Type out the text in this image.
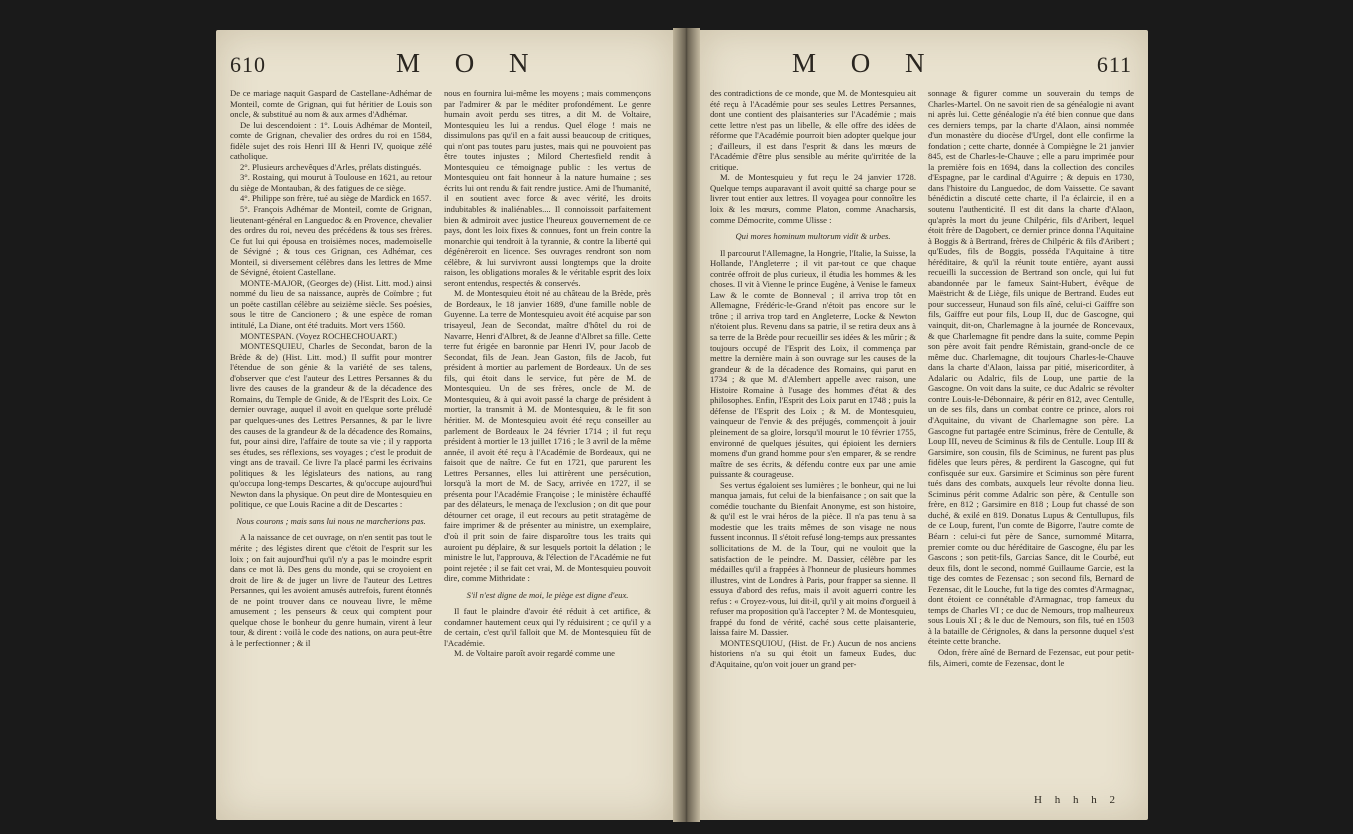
610	M O N

De ce mariage naquit Gaspard de Castellane-Adhémar de Monteil, comte de Grignan, qui fut héritier de Louis son oncle, & substitué au nom & aux armes d'Adhémar.

De lui descendoient : 1°. Louis Adhémar de Monteil, comte de Grignan, chevalier des ordres du roi en 1584, fidèle sujet des rois Henri III & Henri IV, quoique zélé catholique.

2°. Plusieurs archevêques d'Arles, prélats distingués.

3°. Rostaing, qui mourut à Toulouse en 1621, au retour du siège de Montauban, & des fatigues de ce siège.

4°. Philippe son frère, tué au siège de Mardick en 1657.

5°. François Adhémar de Monteil, comte de Grignan, lieutenant-général en Languedoc & en Provence, chevalier des ordres du roi, neveu des précédens & tous ses frères. Ce fut lui qui épousa en troisièmes noces, mademoiselle de Sévigné ; & tous ces Grignan, ces Adhémar, ces Monteil, si diversement célèbres dans les lettres de Mme de Sévigné, étoient Castellane.

MONTE-MAJOR, (Georges de) (Hist. Litt. mod.) ainsi nommé du lieu de sa naissance, auprès de Coïmbre ; fut un poëte castillan célèbre au seizième siècle. Ses poésies, sous le titre de Cancionero ; & une espèce de roman intitulé, La Diane, ont été traduits. Mort vers 1560.

MONTESPAN. (Voyez ROCHECHOUART.)

MONTESQUIEU, Charles de Secondat, baron de la Brède & de) (Hist. Litt. mod.) Il suffit pour montrer l'étendue de son génie & la variété de ses talens, d'observer que c'est l'auteur des Lettres Persannes & du livre des causes de la grandeur & de la décadence des Romains, du Temple de Gnide, & de l'Esprit des Loix. Ce dernier ouvrage, auquel il avoit en quelque sorte préludé par quelques-unes des Lettres Persannes, & par le livre des causes de la grandeur & de la décadence des Romains, fut, pour ainsi dire, l'affaire de toute sa vie ; il y rapporta ses études, ses réflexions, ses voyages ; c'est le produit de vingt ans de travail. Ce livre l'a placé parmi les écrivains politiques & les législateurs des nations, au rang qu'occupa long-temps Descartes, & qu'occupe aujourd'hui Newton dans la physique. On peut dire de Montesquieu en politique, ce que Louis Racine a dit de Descartes :

Nous courons ; mais sans lui nous ne marcherions pas.

A la naissance de cet ouvrage, on n'en sentit pas tout le mérite ; des légistes dirent que c'étoit de l'esprit sur les loix ; on fait aujourd'hui qu'il n'y a pas le moindre esprit dans ce mot là. Des gens du monde, qui se croyoient en droit de lire & de juger un livre de l'auteur des Lettres Persannes, qui les avoient amusés autrefois, furent étonnés de ne point trouver dans ce nouveau livre, le même amusement ; les penseurs & ceux qui comptent pour quelque chose le bonheur du genre humain, virent à leur tour, & dirent : voilà le code des nations, on aura peut-être à le perfectionner ; & il

nous en fournira lui-même les moyens ; mais commençons par l'admirer & par le méditer profondément. Le genre humain avoit perdu ses titres, a dit M. de Voltaire, Montesquieu les lui a rendus. Quel éloge ! mais ne dissimulons pas qu'il en a fait aussi beaucoup de critiques, qui n'ont pas toutes paru justes, mais qui ne pouvoient pas être toutes injustes ; Milord Chertesfield rendit à Montesquieu ce témoignage public : les vertus de Montesquieu ont fait honneur à la nature humaine ; ses écrits lui ont rendu & fait rendre justice. Ami de l'humanité, il en soutient avec force & avec vérité, les droits indubitables & inaliénables.... Il connoissoit parfaitement bien & admiroit avec justice l'heureux gouvernement de ce pays, dont les loix fixes & connues, font un frein contre la monarchie qui tendroit à la tyrannie, & contre la liberté qui dégénèreroit en licence. Ses ouvrages rendront son nom célèbre, & lui survivront aussi longtemps que la droite raison, les obligations morales & le véritable esprit des loix seront entendus, respectés & conservés.

M. de Montesquieu étoit né au château de la Brède, près de Bordeaux, le 18 janvier 1689, d'une famille noble de Guyenne. La terre de Montesquieu avoit été acquise par son trisayeul, Jean de Secondat, maître d'hôtel du roi de Navarre, Henri d'Albret, & de Jeanne d'Albret sa fille. Cette terre fut érigée en baronnie par Henri IV, pour Jacob de Secondat, fils de Jean. Jean Gaston, fils de Jacob, fut président à mortier au parlement de Bordeaux. Un de ses fils, qui étoit dans le service, fut père de M. de Montesquieu. Un de ses frères, oncle de M. de Montesquieu, & à qui avoit passé la charge de président à mortier, la transmit à M. de Montesquieu, & le fit son héritier. M. de Montesquieu avoit été reçu conseiller au parlement de Bordeaux le 24 février 1714 ; il fut reçu président à mortier le 13 juillet 1716 ; le 3 avril de la même année, il avoit été reçu à l'Académie de Bordeaux, qui ne faisoit que de naître. Ce fut en 1721, que parurent les Lettres Persannes, elles lui attirèrent une persécution, lorsqu'à la mort de M. de Sacy, arrivée en 1727, il se présenta pour l'Académie Françoise ; le ministère échauffé par des délateurs, le menaça de l'exclusion ; on dit que pour détourner cet orage, il eut recours au petit stratagème de faire imprimer & de présenter au ministre, un exemplaire, d'où il prit soin de faire disparoître tous les traits qui auroient pu déplaire, & sur lesquels portoit la délation ; le ministre le lut, l'approuva, & l'élection de l'Académie ne fut point rejetée ; il se fait cet vrai, M. de Montesquieu pouvoit dire, comme Mithridate :

S'il n'est digne de moi, le piège est digne d'eux.

Il faut le plaindre d'avoir été réduit à cet artifice, & condamner hautement ceux qui l'y réduisirent ; ce qu'il y a de certain, c'est qu'il falloit que M. de Montesquieu fût de l'Académie.

M. de Voltaire paroît avoir regardé comme une

M O N	611

des contradictions de ce monde, que M. de Montesquieu ait été reçu à l'Académie pour ses seules Lettres Persannes, dont une contient des plaisanteries sur l'Académie ; mais cette lettre n'est pas un libelle, & elle offre des idées de réforme que l'Académie pourroit bien adopter quelque jour ; d'ailleurs, il est dans l'esprit & dans les mœurs de l'Académie d'être plus sensible au mérite qu'irritée de la critique.

M. de Montesquieu y fut reçu le 24 janvier 1728. Quelque temps auparavant il avoit quitté sa charge pour se livrer tout entier aux lettres. Il voyagea pour connoître les loix & les mœurs, comme Platon, comme Anacharsis, comme Démocrite, comme Ulisse :

Qui mores hominum multorum vidit & urbes.

Il parcourut l'Allemagne, la Hongrie, l'Italie, la Suisse, la Hollande, l'Angleterre ; il vit par-tout ce que chaque contrée offroit de plus curieux, il étudia les hommes & les choses. Il vit à Vienne le prince Eugène, à Venise le fameux Law & le comte de Bonneval ; il arriva trop tôt en Allemagne, Frédéric-le-Grand n'étoit pas encore sur le trône ; il arriva trop tard en Angleterre, Locke & Newton n'étoient plus. Revenu dans sa patrie, il se retira deux ans à sa terre de la Brède pour recueillir ses idées & les mûrir ; & toujours occupé de l'Esprit des Loix, il commença par mettre la dernière main à son ouvrage sur les causes de la grandeur & de la décadence des Romains, qui parut en 1734 ; & que M. d'Alembert appelle avec raison, une Histoire Romaine à l'usage des hommes d'état & des philosophes. Enfin, l'Esprit des Loix parut en 1748 ; puis la défense de l'Esprit des Loix ; & M. de Montesquieu, vainqueur de l'envie & des préjugés, commençoit à jouir pleinement de sa gloire, lorsqu'il mourut le 10 février 1755, environné de quelques jésuites, qui épioient les derniers momens d'un grand homme pour s'en emparer, & se rendre maître de ses écrits, & défendu contre eux par une amie puissante & courageuse.

Ses vertus égaloient ses lumières ; le bonheur, qui ne lui manqua jamais, fut celui de la bienfaisance ; on sait que la comédie touchante du Bienfait Anonyme, est son histoire, & qu'il est le vrai héros de la pièce. Il n'a pas tenu à sa modestie que les traits mêmes de son visage ne nous fussent inconnus. Il s'étoit refusé long-temps aux pressantes sollicitations de M. de la Tour, qui ne vouloit que la satisfaction de le peindre. M. Dassier, célèbre par les médailles qu'il a frappées à l'honneur de plusieurs hommes illustres, vint de Londres à Paris, pour frapper sa sienne. Il essuya d'abord des refus, mais il avoit aguerri contre les refus : « Croyez-vous, lui dit-il, qu'il y ait moins d'orgueil à refuser ma proposition qu'à l'accepter ? M. de Montesquieu, frappé du fond de vérité, caché sous cette plaisanterie, laissa faire M. Dassier.

MONTESQUIOU, (Hist. de Fr.) Aucun de nos anciens historiens n'a su qui étoit un fameux Eudes, duc d'Aquitaine, qu'on voit jouer un grand per-

sonnage & figurer comme un souverain du temps de Charles-Martel. On ne savoit rien de sa généalogie ni avant ni après lui. Cette généalogie n'a été bien connue que dans ces derniers temps, par la charte d'Alaon, ainsi nommée d'un monastère du diocèse d'Urgel, dont elle confirme la fondation ; cette charte, donnée à Compiègne le 21 janvier 845, est de Charles-le-Chauve ; elle a paru imprimée pour la première fois en 1694, dans la collection des conciles d'Espagne, par le cardinal d'Aguirre ; & depuis en 1730, dans l'histoire du Languedoc, de dom Vaissette. Ce savant bénédictin a discuté cette charte, il l'a éclaircie, il en a soutenu l'authenticité. Il est dit dans la charte d'Alaon, qu'après la mort du jeune Chilpéric, fils d'Aribert, lequel étoit frère de Dagobert, ce dernier prince donna l'Aquitaine à Boggis & à Bertrand, frères de Chilpéric & fils d'Aribert ; qu'Eudes, fils de Boggis, posséda l'Aquitaine à titre héréditaire, & qu'il la réunit toute entière, ayant aussi recueilli la succession de Bertrand son oncle, qui lui fut abandonnée par le fameux Saint-Hubert, évêque de Maëstricht & de Liège, fils unique de Bertrand. Eudes eut pour successeur, Hunaud son fils aîné, celui-ci Gaïffre son fils, Gaïffre eut pour fils, Loup II, duc de Gascogne, qui vainquit, dit-on, Charlemagne à la journée de Roncevaux, & que Charlemagne fit pendre dans la suite, comme Pepin son père avoit fait pendre Rémistain, grand-oncle de ce même duc. Charlemagne, dit toujours Charles-le-Chauve dans la charte d'Alaon, laissa par pitié, misericorditer, à Adalaric ou Adalric, fils de Loup, une partie de la Gascogne. On voit dans la suite, ce duc Adalric se révolter contre Louis-le-Débonnaire, & périr en 812, avec Centulle, un de ses fils, dans un combat contre ce prince, alors roi d'Aquitaine, du vivant de Charlemagne son père. La Gascogne fut partagée entre Sciminus, frère de Centulle, & Loup III, neveu de Sciminus & fils de Centulle. Loup III & Garsimire, son cousin, fils de Sciminus, ne furent pas plus fidèles que leurs pères, & perdirent la Gascogne, qui fut confisquée sur eux. Garsimire et Sciminus son père furent tués dans des combats, auxquels leur révolte donna lieu. Sciminus périt comme Adalric son père, & Centulle son frère, en 812 ; Garsimire en 818 ; Loup fut chassé de son duché, & exilé en 819. Donatus Lupus & Centullupus, fils de ce Loup, furent, l'un comte de Bigorre, l'autre comte de Béarn : celui-ci fut père de Sance, surnommé Mitarra, premier comte ou duc héréditaire de Gascogne, élu par les Gascons ; son petit-fils, Garcias Sance, dit le Courbé, eut deux fils, dont le second, nommé Guillaume Garcie, est la tige des comtes de Fezensac ; son second fils, Bernard de Fezensac, dit le Louche, fut la tige des comtes d'Armagnac, dont étoient ce connétable d'Armagnac, trop fameux du temps de Charles VI ; ce duc de Nemours, trop malheureux sous Louis XI ; & le duc de Nemours, son fils, tué en 1503 à la bataille de Cérignoles, & dans la personne duquel s'est éteinte cette branche.

Odon, frère aîné de Bernard de Fezensac, eut pour petit-fils, Aimeri, comte de Fezensac, dont le

H h h h 2
